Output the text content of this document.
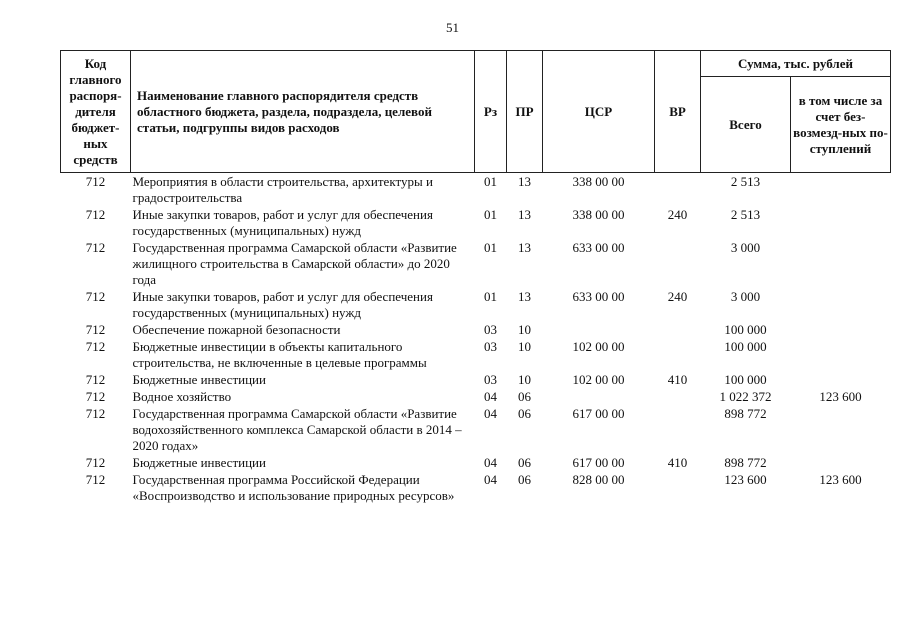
51
Код главного распоря-дителя бюджет-ных средств	Наименование главного распорядителя средств областного бюджета, раздела, подраздела, целевой статьи, подгруппы видов расходов	Рз	ПР	ЦСР	ВР	Сумма, тыс. рублей	
						Всего	в том числе за счет без-возмезд-ных по-ступлений
712	Мероприятия в области строительства, архитектуры и градостроительства	01	13	338 00 00		2 513	
712	Иные закупки товаров, работ и услуг для обеспечения государственных (муниципальных) нужд	01	13	338 00 00	240	2 513	
712	Государственная программа Самарской области «Развитие жилищного строительства в Самарской области» до 2020 года	01	13	633 00 00		3 000	
712	Иные закупки товаров, работ и услуг для обеспечения государственных (муниципальных) нужд	01	13	633 00 00	240	3 000	
712	Обеспечение пожарной безопасности	03	10			100 000	
712	Бюджетные инвестиции в объекты капитального строительства, не включенные в целевые программы	03	10	102 00 00		100 000	
712	Бюджетные инвестиции	03	10	102 00 00	410	100 000	
712	Водное хозяйство	04	06			1 022 372	123 600
712	Государственная программа Самарской области «Развитие водохозяйственного комплекса Самарской области в 2014 – 2020 годах»	04	06	617 00 00		898 772	
712	Бюджетные инвестиции	04	06	617 00 00	410	898 772	
712	Государственная программа Российской Федерации «Воспроизводство и использование природных ресурсов»	04	06	828 00 00		123 600	123 600
